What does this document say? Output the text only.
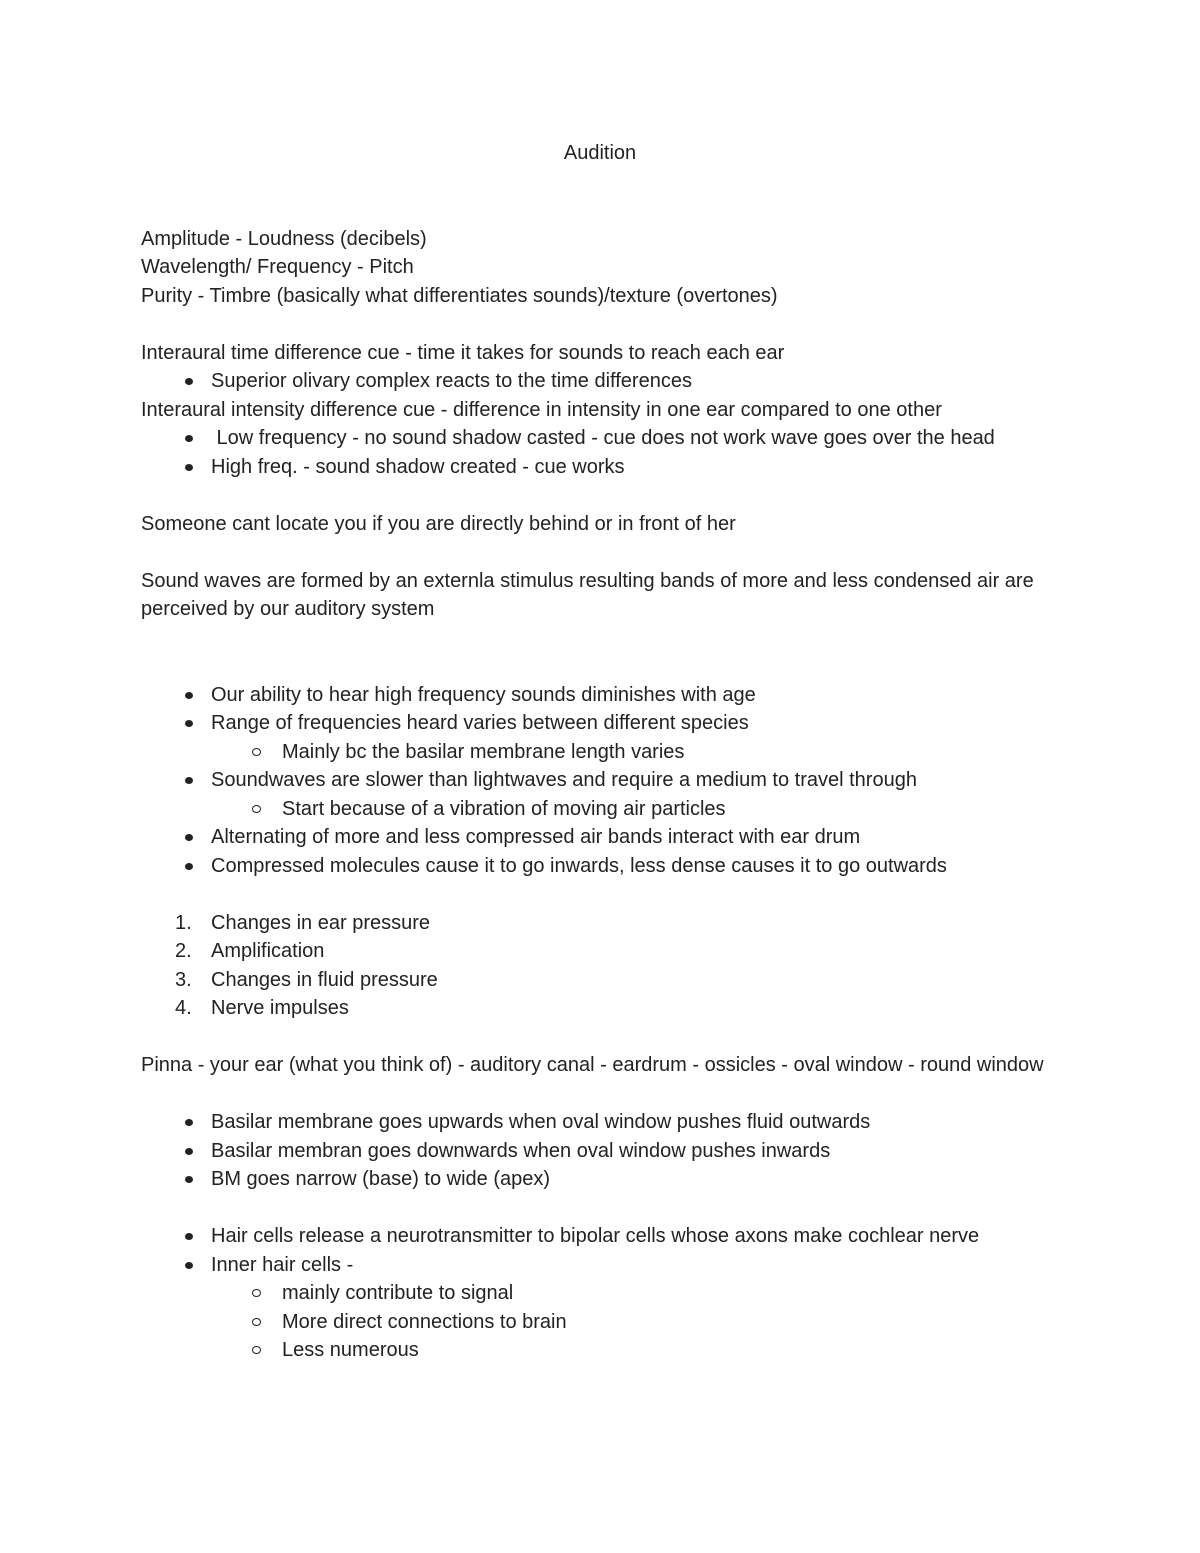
Audition
Amplitude - Loudness (decibels)
Wavelength/ Frequency - Pitch
Purity - Timbre (basically what differentiates sounds)/texture (overtones)
Interaural time difference cue - time it takes for sounds to reach each ear
Superior olivary complex reacts to the time differences
Interaural intensity difference cue - difference in intensity in one ear compared to one other
Low frequency - no sound shadow casted - cue does not work wave goes over the head
High freq. - sound shadow created - cue works
Someone cant locate you if you are directly behind or in front of her
Sound waves are formed by an externla stimulus resulting bands of more and less condensed air are perceived by our auditory system
Our ability to hear high frequency sounds diminishes with age
Range of frequencies heard varies between different species
Mainly bc the basilar membrane length varies
Soundwaves are slower than lightwaves and require a medium to travel through
Start because of a vibration of moving air particles
Alternating of more and less compressed air bands interact with ear drum
Compressed molecules cause it to go inwards, less dense causes it to go outwards
1. Changes in ear pressure
2. Amplification
3. Changes in fluid pressure
4. Nerve impulses
Pinna - your ear (what you think of) - auditory canal - eardrum - ossicles - oval window - round window
Basilar membrane goes upwards when oval window pushes fluid outwards
Basilar membran goes downwards when oval window pushes inwards
BM goes narrow (base) to wide (apex)
Hair cells release a neurotransmitter to bipolar cells whose axons make cochlear nerve
Inner hair cells -
mainly contribute to signal
More direct connections to brain
Less numerous
